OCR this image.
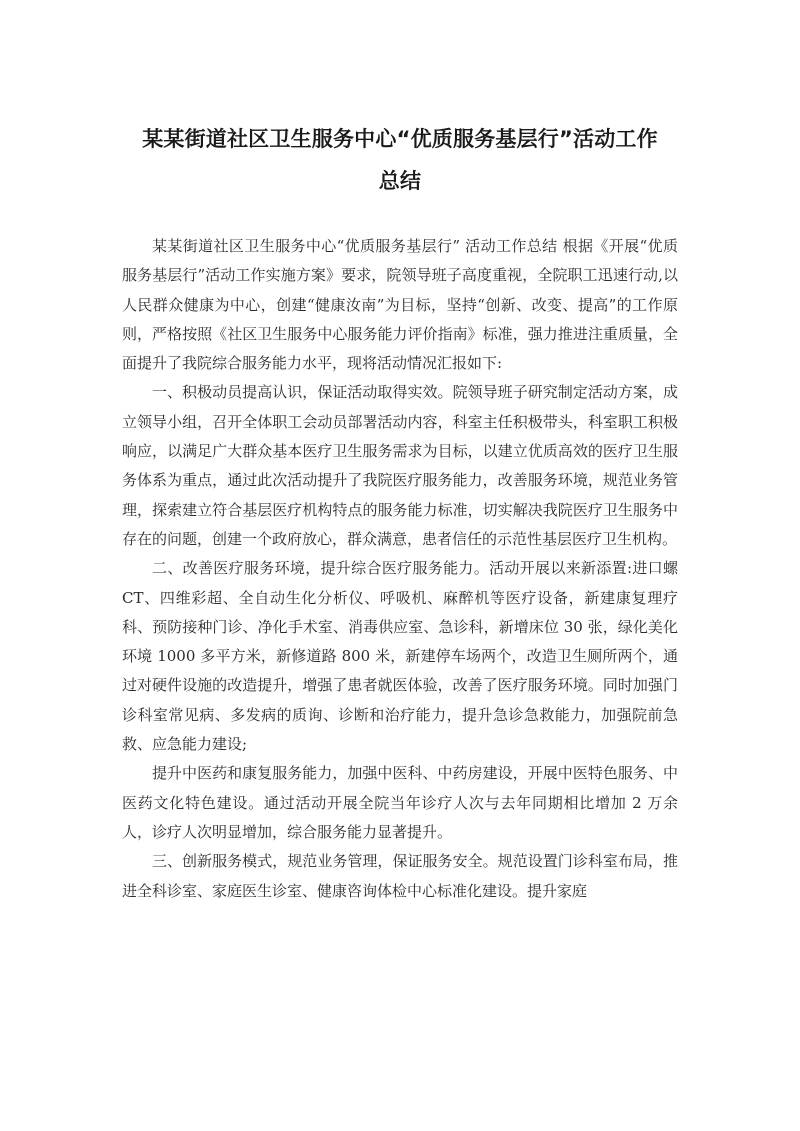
某某街道社区卫生服务中心“优质服务基层行”活动工作
总结

某某街道社区卫生服务中心“优质服务基层行” 活动工作总结 根据《开展“优质服务基层行”活动工作实施方案》要求，院领导班子高度重视，全院职工迅速行动,以人民群众健康为中心，创建“健康汝南”为目标，坚持“创新、改变、提高”的工作原则，严格按照《社区卫生服务中心服务能力评价指南》标准，强力推进注重质量，全面提升了我院综合服务能力水平，现将活动情况汇报如下:

一、积极动员提高认识，保证活动取得实效。院领导班子研究制定活动方案，成立领导小组，召开全体职工会动员部署活动内容，科室主任积极带头，科室职工积极响应，以满足广大群众基本医疗卫生服务需求为目标，以建立优质高效的医疗卫生服务体系为重点，通过此次活动提升了我院医疗服务能力，改善服务环境，规范业务管理，探索建立符合基层医疗机构特点的服务能力标准，切实解决我院医疗卫生服务中存在的问题，创建一个政府放心，群众满意，患者信任的示范性基层医疗卫生机构。

二、改善医疗服务环境，提升综合医疗服务能力。活动开展以来新添置:进口螺 CT、四维彩超、全自动生化分析仪、呼吸机、麻醉机等医疗设备，新建康复理疗科、预防接种门诊、净化手术室、消毒供应室、急诊科，新增床位 30 张，绿化美化环境 1000 多平方米，新修道路 800 米，新建停车场两个，改造卫生厕所两个，通过对硬件设施的改造提升，增强了患者就医体验，改善了医疗服务环境。同时加强门诊科室常见病、多发病的质询、诊断和治疗能力，提升急诊急救能力，加强院前急救、应急能力建设;

提升中医药和康复服务能力，加强中医科、中药房建设，开展中医特色服务、中医药文化特色建设。通过活动开展全院当年诊疗人次与去年同期相比增加 2 万余人，诊疗人次明显增加，综合服务能力显著提升。

三、创新服务模式，规范业务管理，保证服务安全。规范设置门诊科室布局，推进全科诊室、家庭医生诊室、健康咨询体检中心标准化建设。提升家庭
